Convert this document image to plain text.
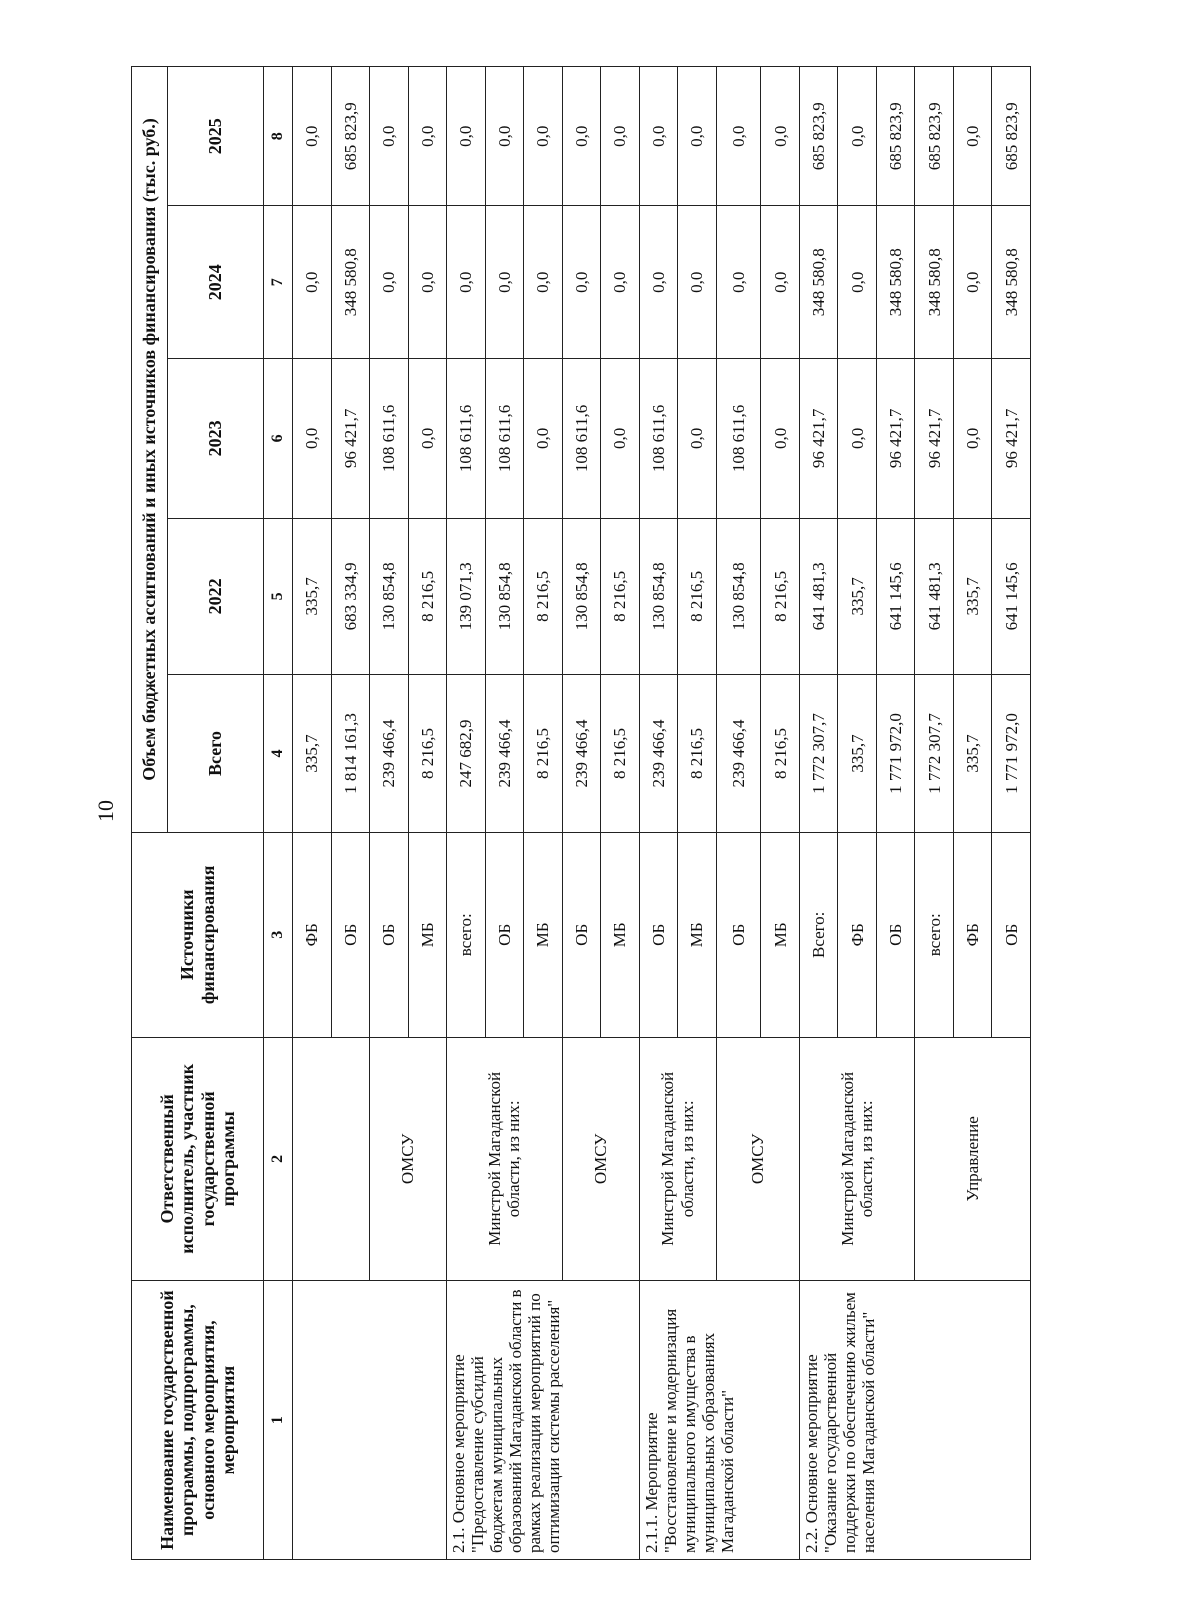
10
Наименование государственной программы, подпрограммы, основного мероприятия, мероприятия	Ответственный исполнитель, участник государственной программы	Источники финансирования	Объем бюджетных ассигнований и иных источников финансирования (тыс. руб.)				
			Всего	2022	2023	2024	2025
1	2	3	4	5	6	7	8
		ФБ	335,7	335,7	0,0	0,0	0,0
		ОБ	1 814 161,3	683 334,9	96 421,7	348 580,8	685 823,9
	ОМСУ	ОБ	239 466,4	130 854,8	108 611,6	0,0	0,0
		МБ	8 216,5	8 216,5	0,0	0,0	0,0
2.1. Основное мероприятие "Предоставление субсидий бюджетам муниципальных образований Магаданской области в рамках реализации мероприятий по оптимизации системы расселения"	Минстрой Магаданской области, из них:	всего:	247 682,9	139 071,3	108 611,6	0,0	0,0
		ОБ	239 466,4	130 854,8	108 611,6	0,0	0,0
		МБ	8 216,5	8 216,5	0,0	0,0	0,0
	ОМСУ	ОБ	239 466,4	130 854,8	108 611,6	0,0	0,0
		МБ	8 216,5	8 216,5	0,0	0,0	0,0
2.1.1. Мероприятие "Восстановление и модернизация муниципального имущества в муниципальных образованиях Магаданской области"	Минстрой Магаданской области, из них:	ОБ	239 466,4	130 854,8	108 611,6	0,0	0,0
		МБ	8 216,5	8 216,5	0,0	0,0	0,0
	ОМСУ	ОБ	239 466,4	130 854,8	108 611,6	0,0	0,0
		МБ	8 216,5	8 216,5	0,0	0,0	0,0
2.2. Основное мероприятие "Оказание государственной поддержки по обеспечению жильем населения Магаданской области"	Минстрой Магаданской области, из них:	Всего:	1 772 307,7	641 481,3	96 421,7	348 580,8	685 823,9
		ФБ	335,7	335,7	0,0	0,0	0,0
		ОБ	1 771 972,0	641 145,6	96 421,7	348 580,8	685 823,9
	Управление	всего:	1 772 307,7	641 481,3	96 421,7	348 580,8	685 823,9
		ФБ	335,7	335,7	0,0	0,0	0,0
		ОБ	1 771 972,0	641 145,6	96 421,7	348 580,8	685 823,9
